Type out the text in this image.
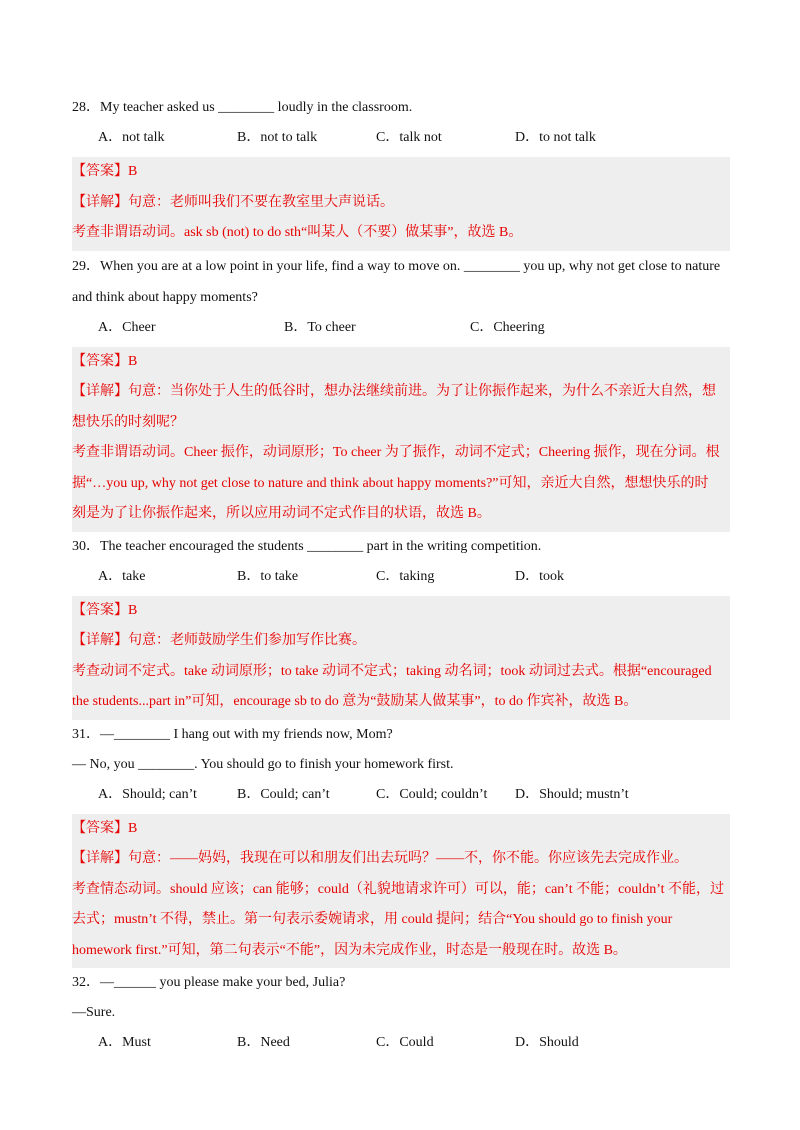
28．My teacher asked us ________ loudly in the classroom.
A．not talk	B．not to talk	C．talk not	D．to not talk
【答案】B
【详解】句意：老师叫我们不要在教室里大声说话。
考查非谓语动词。ask sb (not) to do sth“叫某人（不要）做某事”，故选 B。
29．When you are at a low point in your life, find a way to move on. ________ you up, why not get close to nature
and think about happy moments?
A．Cheer	B．To cheer	C．Cheering
【答案】B
【详解】句意：当你处于人生的低谷时，想办法继续前进。为了让你振作起来，为什么不亲近大自然，想
想快乐的时刻呢？
考查非谓语动词。Cheer 振作，动词原形；To cheer 为了振作，动词不定式；Cheering 振作，现在分词。根
据“…you up, why not get close to nature and think about happy moments?”可知，亲近大自然，想想快乐的时
刻是为了让你振作起来，所以应用动词不定式作目的状语，故选 B。
30．The teacher encouraged the students ________ part in the writing competition.
A．take	B．to take	C．taking	D．took
【答案】B
【详解】句意：老师鼓励学生们参加写作比赛。
考查动词不定式。take 动词原形；to take 动词不定式；taking 动名词；took 动词过去式。根据“encouraged
the students...part in”可知，encourage sb to do 意为“鼓励某人做某事”，to do 作宾补，故选 B。
31．—________ I hang out with my friends now, Mom?
— No, you ________. You should go to finish your homework first.
A．Should; can’t	B．Could; can’t	C．Could; couldn’t	D．Should; mustn’t
【答案】B
【详解】句意：——妈妈，我现在可以和朋友们出去玩吗？——不，你不能。你应该先去完成作业。
考查情态动词。should 应该；can 能够；could（礼貌地请求许可）可以，能；can’t 不能；couldn’t 不能，过
去式；mustn’t 不得，禁止。第一句表示委婉请求，用 could 提问；结合“You should go to finish your
homework first.”可知，第二句表示“不能”，因为未完成作业，时态是一般现在时。故选 B。
32．—______ you please make your bed, Julia?
—Sure.
A．Must	B．Need	C．Could	D．Should
